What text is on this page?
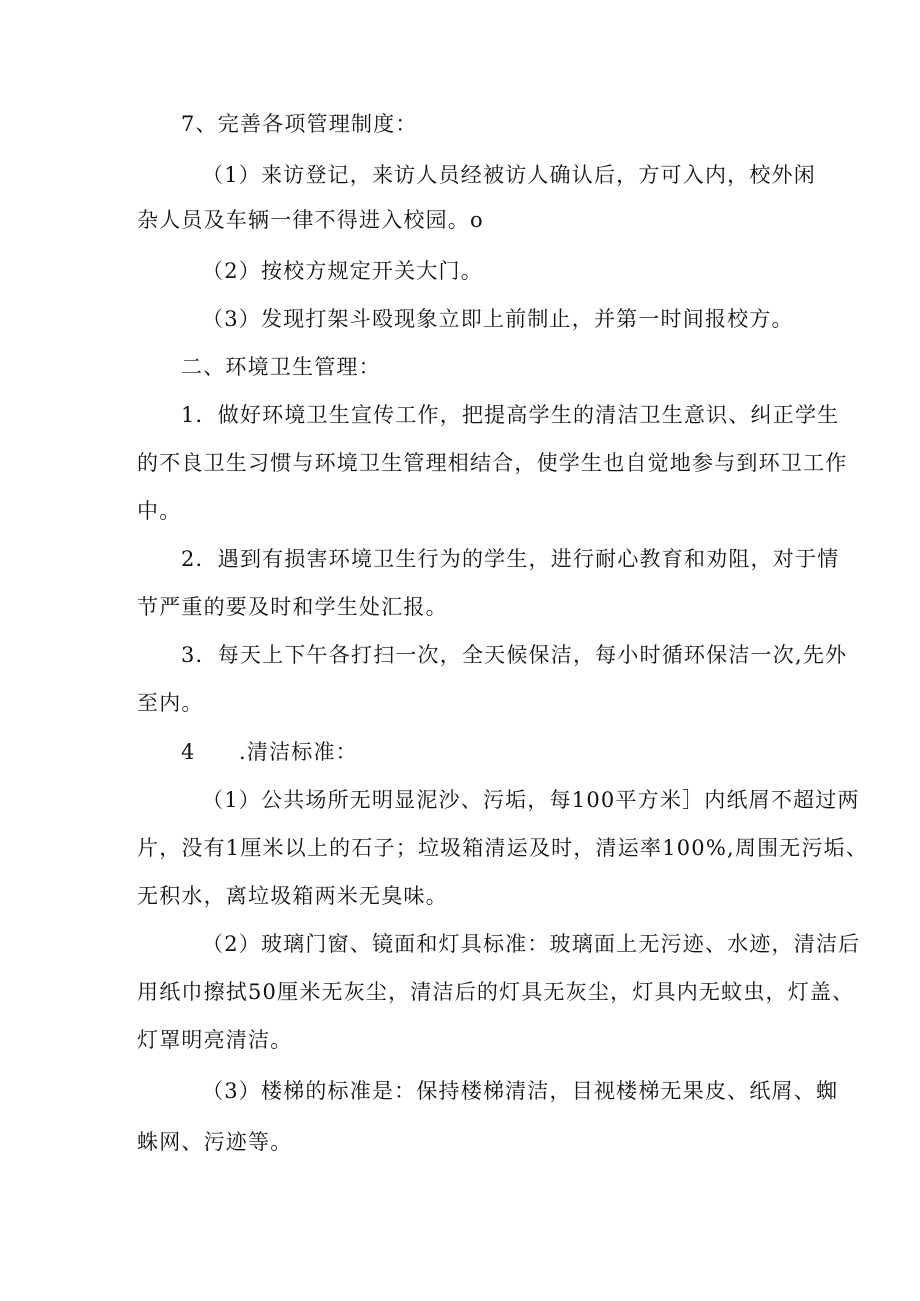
7、完善各项管理制度：
（1）来访登记，来访人员经被访人确认后，方可入内，校外闲
杂人员及车辆一律不得进入校园。o
（2）按校方规定开关大门。
（3）发现打架斗殴现象立即上前制止，并第一时间报校方。
二、环境卫生管理：
1．做好环境卫生宣传工作，把提高学生的清洁卫生意识、纠正学生
的不良卫生习惯与环境卫生管理相结合，使学生也自觉地参与到环卫工作
中。
2．遇到有损害环境卫生行为的学生，进行耐心教育和劝阻，对于情
节严重的要及时和学生处汇报。
3．每天上下午各打扫一次，全天候保洁，每小时循环保洁一次,先外
至内。
4 .清洁标准：
（1）公共场所无明显泥沙、污垢，每100平方米］内纸屑不超过两
片，没有1厘米以上的石子；垃圾箱清运及时，清运率100%,周围无污垢、
无积水，离垃圾箱两米无臭味。
（2）玻璃门窗、镜面和灯具标准：玻璃面上无污迹、水迹，清洁后
用纸巾擦拭50厘米无灰尘，清洁后的灯具无灰尘，灯具内无蚊虫，灯盖、
灯罩明亮清洁。
（3）楼梯的标准是：保持楼梯清洁，目视楼梯无果皮、纸屑、蜘
蛛网、污迹等。
